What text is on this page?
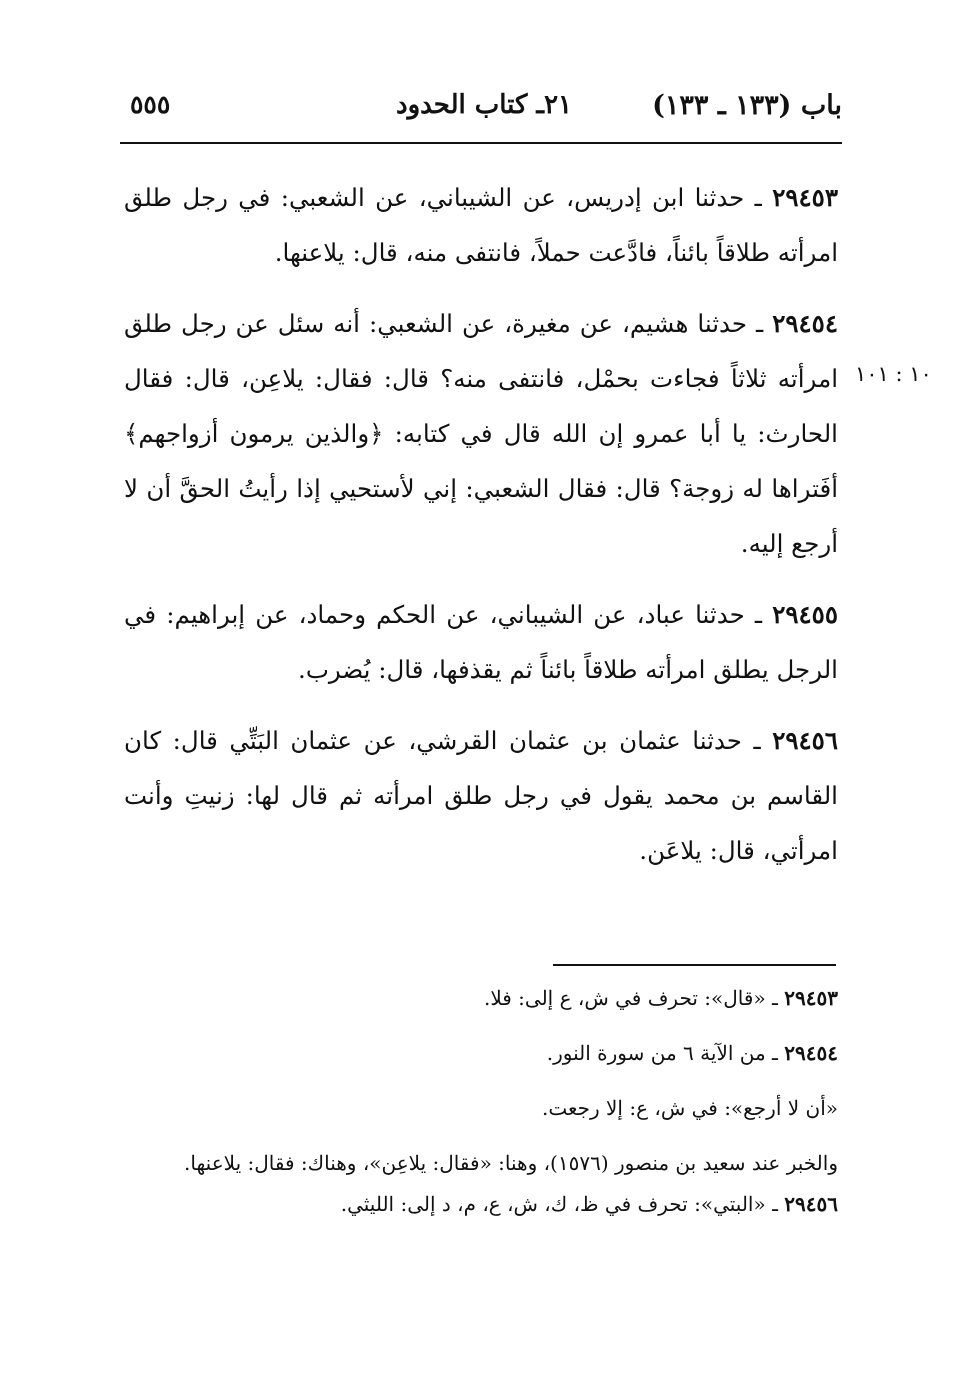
باب (١٣٣ ـ ١٣٣)
٢١ـ كتاب الحدود
٥٥٥
١٠ : ١٠١

٢٩٤٥٣ ـ حدثنا ابن إدريس، عن الشيباني، عن الشعبي: في رجل طلق امرأته طلاقاً بائناً، فادَّعت حملاً، فانتفى منه، قال: يلاعنها.

٢٩٤٥٤ ـ حدثنا هشيم، عن مغيرة، عن الشعبي: أنه سئل عن رجل طلق امرأته ثلاثاً فجاءت بحمْل، فانتفى منه؟ قال: فقال: يلاعِن، قال: فقال الحارث: يا أبا عمرو إن الله قال في كتابه: ﴿والذين يرمون أزواجهم﴾ أفَتراها له زوجة؟ قال: فقال الشعبي: إني لأستحيي إذا رأيتُ الحقَّ أن لا أرجع إليه.

٢٩٤٥٥ ـ حدثنا عباد، عن الشيباني، عن الحكم وحماد، عن إبراهيم: في الرجل يطلق امرأته طلاقاً بائناً ثم يقذفها، قال: يُضرب.

٢٩٤٥٦ ـ حدثنا عثمان بن عثمان القرشي، عن عثمان البَتِّي قال: كان القاسم بن محمد يقول في رجل طلق امرأته ثم قال لها: زنيتِ وأنت امرأتي، قال: يلاعَن.

٢٩٤٥٣ ـ «قال»: تحرف في ش، ع إلى: فلا.

٢٩٤٥٤ ـ من الآية ٦ من سورة النور.

«أن لا أرجع»: في ش، ع: إلا رجعت.

والخبر عند سعيد بن منصور (١٥٧٦)، وهنا: «فقال: يلاعِن»، وهناك: فقال: يلاعنها.

٢٩٤٥٦ ـ «البتي»: تحرف في ظ، ك، ش، ع، م، د إلى: الليثي.
